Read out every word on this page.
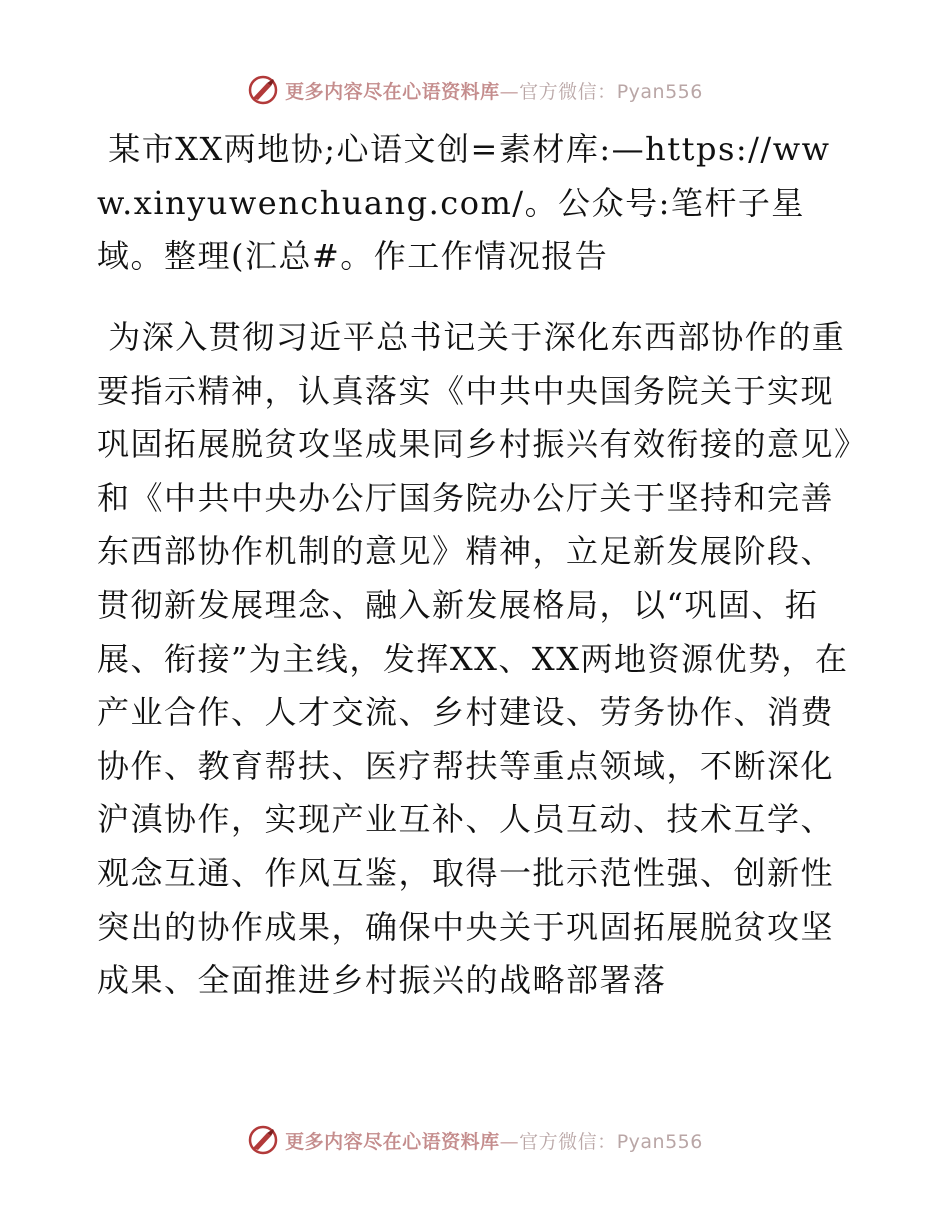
更多内容尽在心语资料库—官方微信：Pyan556

某市XX两地协;心语文创=素材库:—https://www.xinyuwenchuang.com/。公众号:笔杆子星域。整理(汇总#。作工作情况报告

为深入贯彻习近平总书记关于深化东西部协作的重要指示精神，认真落实《中共中央国务院关于实现巩固拓展脱贫攻坚成果同乡村振兴有效衔接的意见》和《中共中央办公厅国务院办公厅关于坚持和完善东西部协作机制的意见》精神，立足新发展阶段、贯彻新发展理念、融入新发展格局，以“巩固、拓展、衔接”为主线，发挥XX、XX两地资源优势，在产业合作、人才交流、乡村建设、劳务协作、消费协作、教育帮扶、医疗帮扶等重点领域，不断深化沪滇协作，实现产业互补、人员互动、技术互学、观念互通、作风互鉴，取得一批示范性强、创新性突出的协作成果，确保中央关于巩固拓展脱贫攻坚成果、全面推进乡村振兴的战略部署落

更多内容尽在心语资料库—官方微信：Pyan556
